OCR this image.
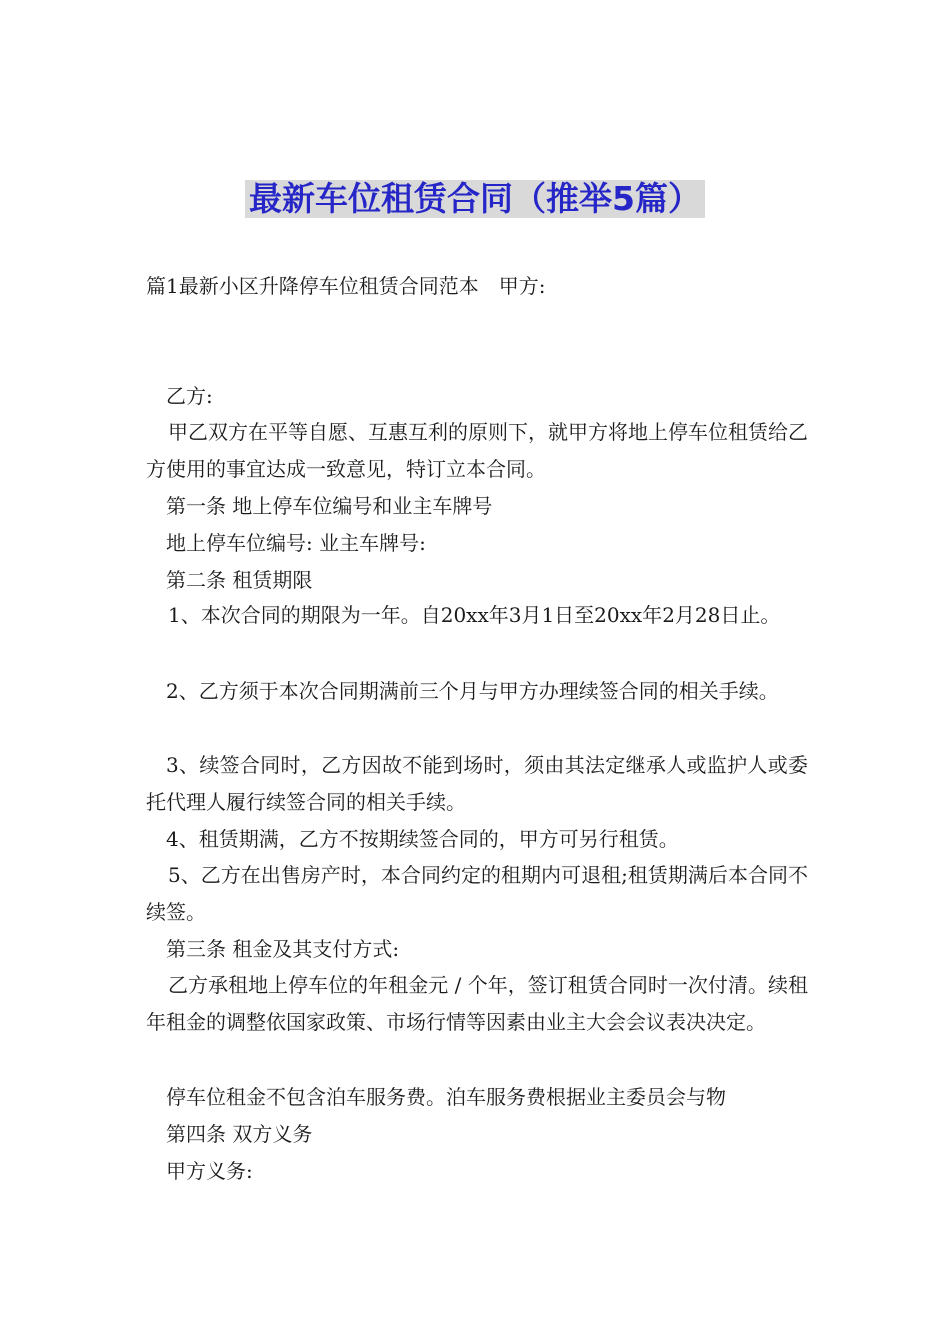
最新车位租赁合同（推举5篇）
篇1最新小区升降停车位租赁合同范本　甲方:
乙方:
甲乙双方在平等自愿、互惠互利的原则下，就甲方将地上停车位租赁给乙方使用的事宜达成一致意见，特订立本合同。
第一条 地上停车位编号和业主车牌号
地上停车位编号: 业主车牌号:
第二条 租赁期限
1、本次合同的期限为一年。自20xx年3月1日至20xx年2月28日止。
2、乙方须于本次合同期满前三个月与甲方办理续签合同的相关手续。
3、续签合同时，乙方因故不能到场时，须由其法定继承人或监护人或委托代理人履行续签合同的相关手续。
4、租赁期满，乙方不按期续签合同的，甲方可另行租赁。
5、乙方在出售房产时，本合同约定的租期内可退租;租赁期满后本合同不续签。
第三条 租金及其支付方式:
乙方承租地上停车位的年租金元 / 个年，签订租赁合同时一次付清。续租年租金的调整依国家政策、市场行情等因素由业主大会会议表决决定。
停车位租金不包含泊车服务费。泊车服务费根据业主委员会与物
第四条 双方义务
甲方义务:
